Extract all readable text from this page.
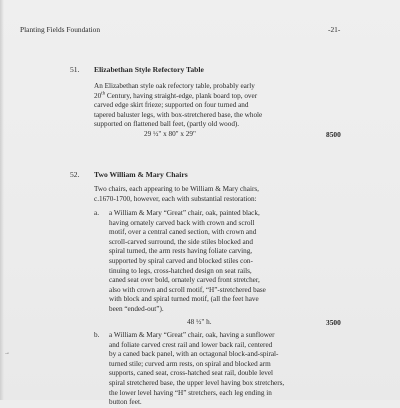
Planting Fields Foundation	-21-
51. Elizabethan Style Refectory Table
An Elizabethan style oak refectory table, probably early
20th Century, having straight-edge, plank board top, over
carved edge skirt frieze; supported on four turned and
tapered baluster legs, with box-stretchered base, the whole
supported on flattened ball feet, (partly old wood).
29 ½" x 80" x 29"	8500
52. Two William & Mary Chairs
Two chairs, each appearing to be William & Mary chairs,
c.1670-1700, however, each with substantial restoration:
a. a William & Mary “Great” chair, oak, painted black,
having ornately carved back with crown and scroll
motif, over a central caned section, with crown and
scroll-carved surround, the side stiles blocked and
spiral turned, the arm rests having foliate carving,
supported by spiral carved and blocked stiles con-
tinuing to legs, cross-hatched design on seat rails,
caned seat over bold, ornately carved front stretcher,
also with crown and scroll motif, “H”-stretchered base
with block and spiral turned motif, (all the feet have
been “ended-out”).
48 ½" h.	3500
b. a William & Mary “Great” chair, oak, having a sunflower
and foliate carved crest rail and lower back rail, centered
by a caned back panel, with an octagonal block-and-spiral-
turned stile; curved arm rests, on spiral and blocked arm
supports, caned seat, cross-hatched seat rail, double level
spiral stretchered base, the upper level having box stretchers,
the lower level having “H” stretchers, each leg ending in
button feet.
→
